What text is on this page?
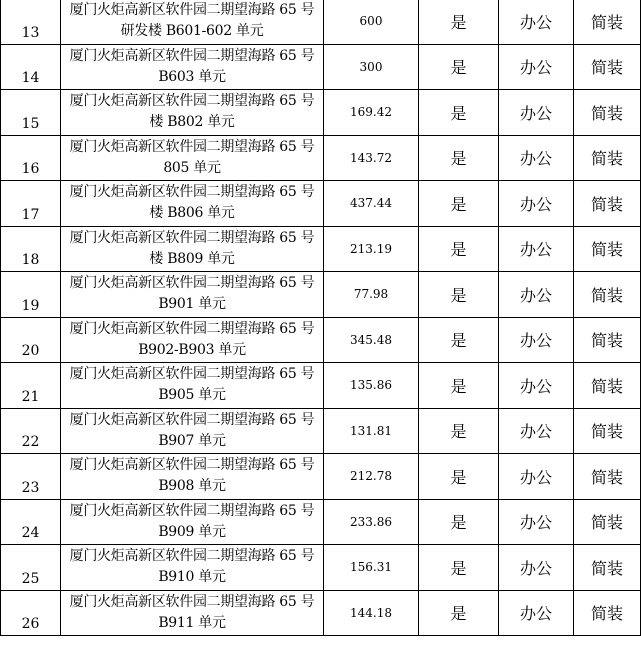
13	厦门火炬高新区软件园二期望海路 65 号研发楼 B601-602 单元	600	是	办公	简装
14	厦门火炬高新区软件园二期望海路 65 号 B603 单元	300	是	办公	简装
15	厦门火炬高新区软件园二期望海路 65 号楼 B802 单元	169.42	是	办公	简装
16	厦门火炬高新区软件园二期望海路 65 号 805 单元	143.72	是	办公	简装
17	厦门火炬高新区软件园二期望海路 65 号楼 B806 单元	437.44	是	办公	简装
18	厦门火炬高新区软件园二期望海路 65 号楼 B809 单元	213.19	是	办公	简装
19	厦门火炬高新区软件园二期望海路 65 号 B901 单元	77.98	是	办公	简装
20	厦门火炬高新区软件园二期望海路 65 号 B902-B903 单元	345.48	是	办公	简装
21	厦门火炬高新区软件园二期望海路 65 号 B905 单元	135.86	是	办公	简装
22	厦门火炬高新区软件园二期望海路 65 号 B907 单元	131.81	是	办公	简装
23	厦门火炬高新区软件园二期望海路 65 号 B908 单元	212.78	是	办公	简装
24	厦门火炬高新区软件园二期望海路 65 号 B909 单元	233.86	是	办公	简装
25	厦门火炬高新区软件园二期望海路 65 号 B910 单元	156.31	是	办公	简装
26	厦门火炬高新区软件园二期望海路 65 号 B911 单元	144.18	是	办公	简装
